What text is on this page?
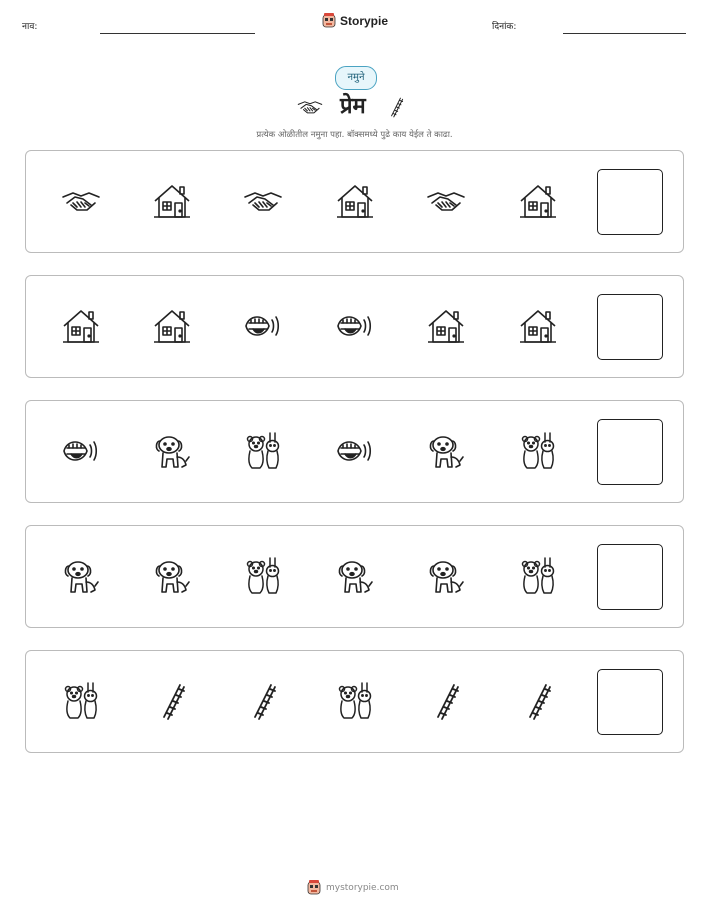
नाव:	Storypie	दिनांक:
नमुने
प्रेम
प्रत्येक ओळीतील नमुना पहा. बॉक्समध्ये पुढे काय येईल ते काढा.
mystorypie.com
